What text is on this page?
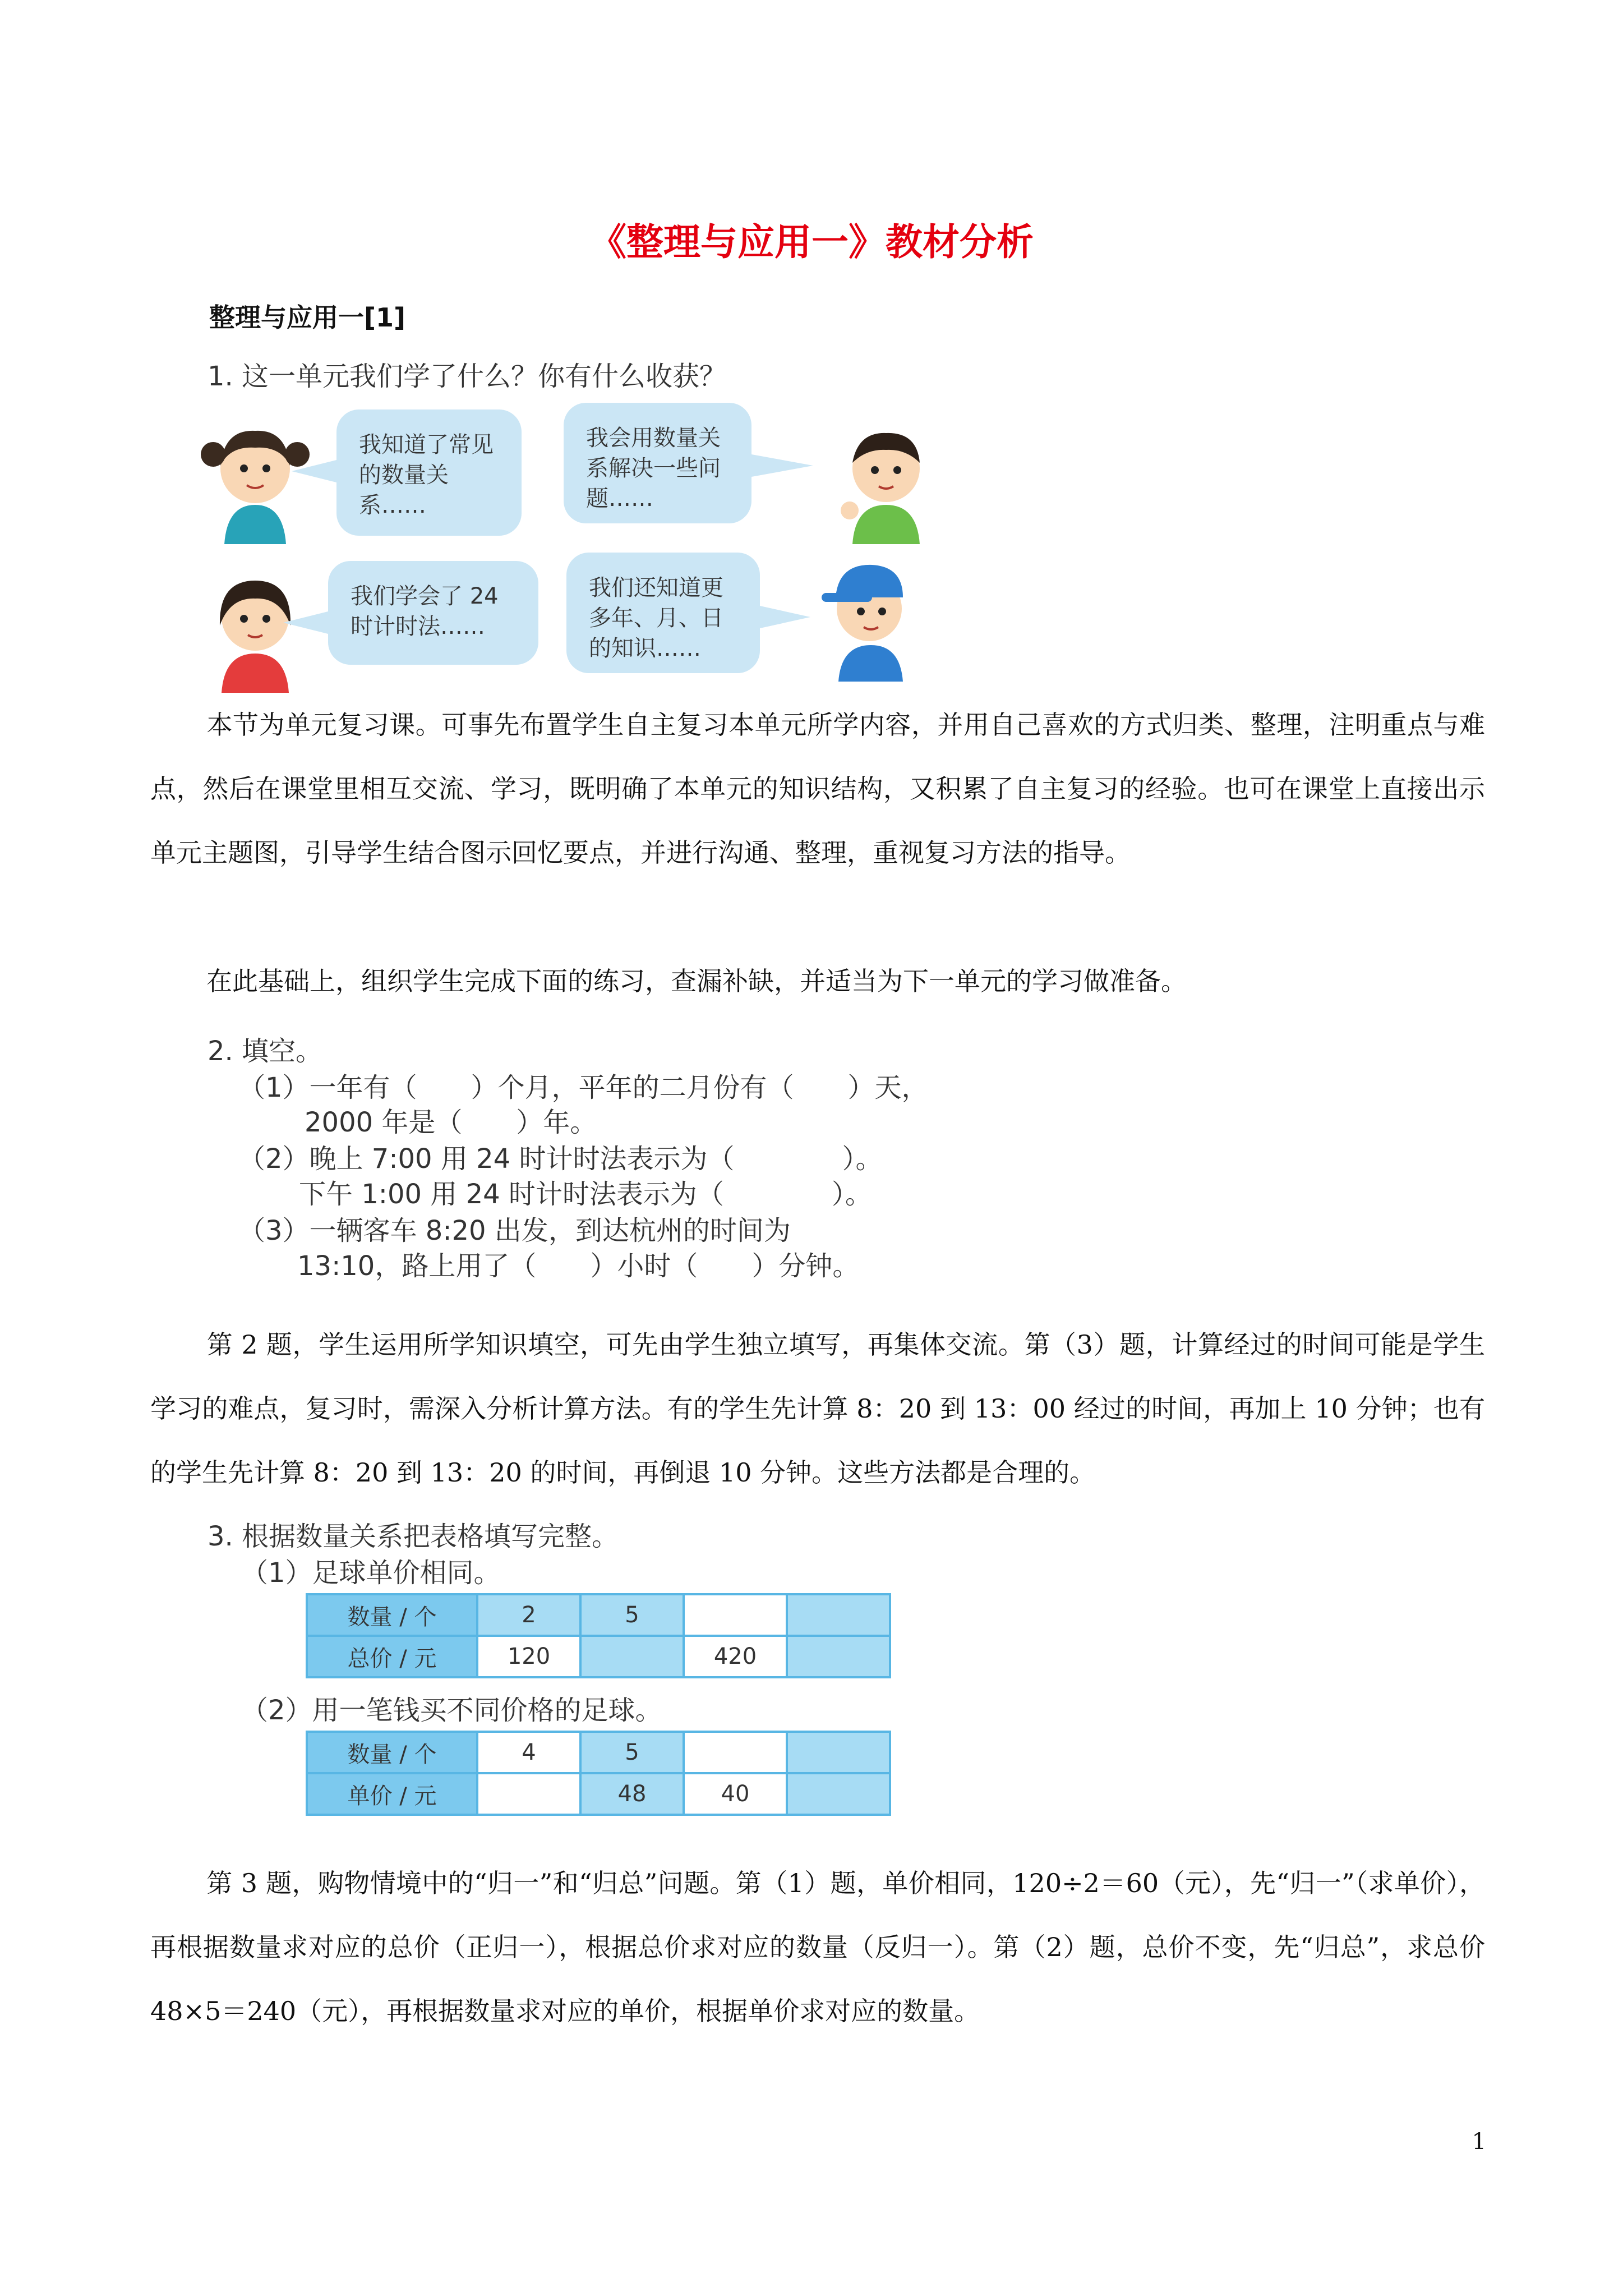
《整理与应用一》教材分析
整理与应用一[1]
1. 这一单元我们学了什么？你有什么收获？
我知道了常见的数量关系……
我会用数量关系解决一些问题……
我们学会了 24 时计时法……
我们还知道更多年、月、日的知识……
本节为单元复习课。可事先布置学生自主复习本单元所学内容，并用自己喜欢的方式归类、整理，注明重点与难点，然后在课堂里相互交流、学习，既明确了本单元的知识结构，又积累了自主复习的经验。也可在课堂上直接出示单元主题图，引导学生结合图示回忆要点，并进行沟通、整理，重视复习方法的指导。
在此基础上，组织学生完成下面的练习，查漏补缺，并适当为下一单元的学习做准备。
2. 填空。
（1）一年有（　　）个月，平年的二月份有（　　）天，
2000 年是（　　）年。
（2）晚上 7:00 用 24 时计时法表示为（　　　　）。
下午 1:00 用 24 时计时法表示为（　　　　）。
（3）一辆客车 8:20 出发，到达杭州的时间为
13:10，路上用了（　　）小时（　　）分钟。
第 2 题，学生运用所学知识填空，可先由学生独立填写，再集体交流。第（3）题，计算经过的时间可能是学生学习的难点，复习时，需深入分析计算方法。有的学生先计算 8：20 到 13：00 经过的时间，再加上 10 分钟；也有的学生先计算 8：20 到 13：20 的时间，再倒退 10 分钟。这些方法都是合理的。
3. 根据数量关系把表格填写完整。
（1）足球单价相同。
数量 / 个	2	5		
总价 / 元	120		420	
（2）用一笔钱买不同价格的足球。
数量 / 个	4	5		
单价 / 元		48	40	
第 3 题，购物情境中的“归一”和“归总”问题。第（1）题，单价相同，120÷2＝60（元），先“归一”（求单价），再根据数量求对应的总价（正归一），根据总价求对应的数量（反归一）。第（2）题，总价不变，先“归总”，求总价 48×5＝240（元），再根据数量求对应的单价，根据单价求对应的数量。
1
